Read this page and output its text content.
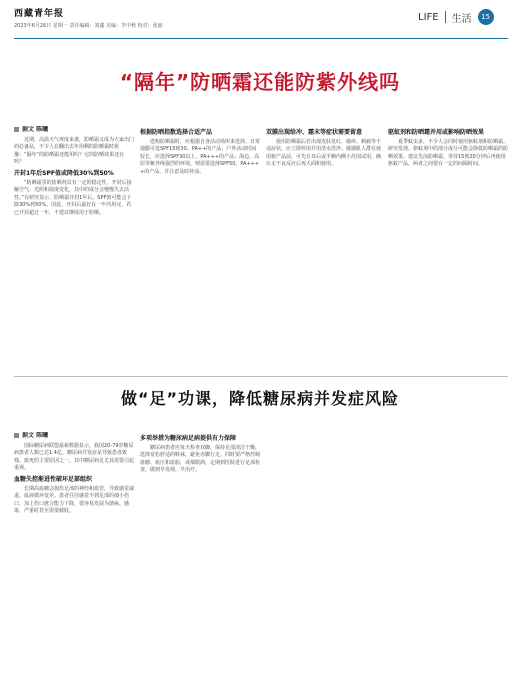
西藏青年报
2023年6月26日 星期一 责任编辑：刘鑫 美编：李中秋 校对：张丽
LIFE 生活	15
“隔年”防晒霜还能防紫外线吗
据文 陈曦

近期，高温天气再度来袭，防晒霜又成为大家出门的必备品，不少人在翻出去年用剩的防晒霜时犹豫：“隔年”的防晒霜还能用吗？它的防晒效果还在吗？

开封1年后SPF值或降低30%到50%

“防晒霜里的防晒剂具有一定的稳定性，开封后接触空气、光照和温度变化，其中的成分会慢慢失去活性。”有研究显示，防晒霜开封1年后，SPF值可能会下降30%到50%。因此，开封后最好在一年内用完，若已开封超过一年，不建议继续用于防晒。

根据防晒指数选择合适产品

选购防晒霜时，应根据自身活动场所来选择。日常通勤可选SPF15到30、PA++的产品；户外活动时间较长，应选择SPF30以上、PA+++的产品；海边、高原等紫外线强烈的环境，则需要选择SPF50、PA++++的产品，并注意及时补涂。

双膜出现给冲、霜末等症状需要留意

使用防晒霜后若出现皮肤发红、瘙痒、刺痛等不适症状，应立即停用并用清水洗净。敏感肌人群在使用新产品前，可先在耳后或手腕内侧小范围试用，确认无不良反应后再大面积使用。

驱蚊剂和防晒霜并用或影响防晒效果

夏季蚊虫多，不少人会同时使用驱蚊剂和防晒霜。研究发现，驱蚊剂中的部分成分可能会降低防晒霜的防晒效果。建议先涂防晒霜，等待15到20分钟后再使用驱蚊产品，两者之间要有一定的间隔时间。

做“足”功课，降低糖尿病并发症风险
据文 陈曦

国际糖尿病联盟最新数据显示，我国20-79岁糖尿病患者人数已达1.4亿，糖尿病并发症是导致患者致残、致死的主要原因之一，其中糖尿病足尤其需要引起重视。

血糖失控渐进性破坏足部组织

长期高血糖会损伤足部的神经和血管，导致感觉减退、血液循环变差。患者往往感觉不到足部的细小伤口，加上伤口愈合能力下降，很容易发展为溃疡、感染，严重时甚至需要截肢。

多项举措为糖尿病足病提供有力保障

糖尿病患者应每天检查双脚，保持足部清洁干燥，选择宽松舒适的鞋袜，避免赤脚行走。同时要严格控制血糖、血压和血脂，戒烟限酒，定期到医院进行足部检查，做到早发现、早治疗。
